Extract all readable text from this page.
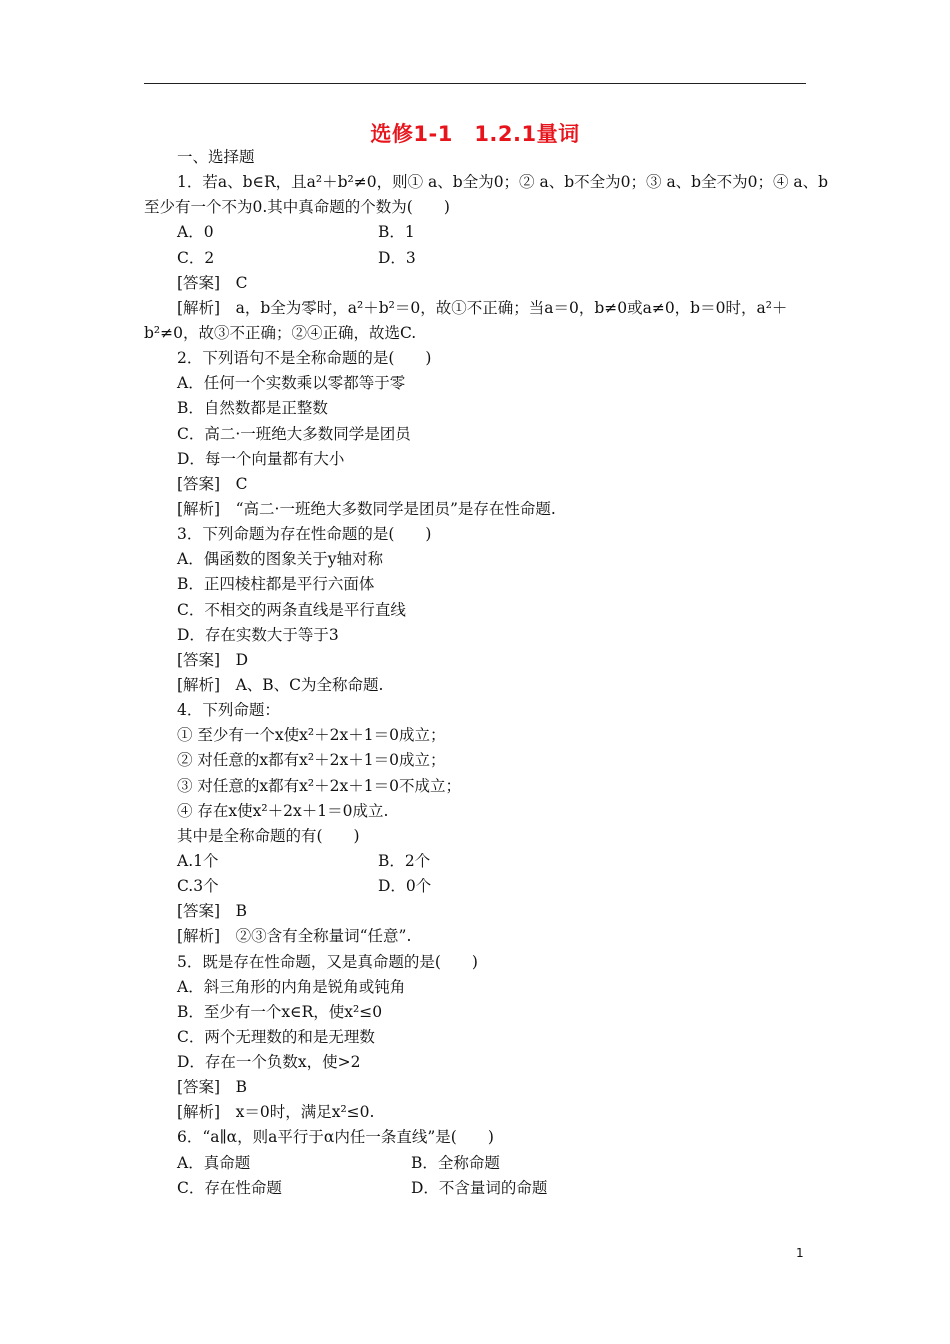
选修1-1　1.2.1量词
一、选择题
1．若a、b∈R，且a²＋b²≠0，则① a、b全为0；② a、b不全为0；③ a、b全不为0；④ a、b
至少有一个不为0.其中真命题的个数为(　　)
A．0	B．1
C．2	D．3
[答案]　C
[解析]　a，b全为零时，a²＋b²＝0，故①不正确；当a＝0，b≠0或a≠0，b＝0时，a²＋
b²≠0，故③不正确；②④正确，故选C.
2．下列语句不是全称命题的是(　　)
A．任何一个实数乘以零都等于零
B．自然数都是正整数
C．高二·一班绝大多数同学是团员
D．每一个向量都有大小
[答案]　C
[解析]　“高二·一班绝大多数同学是团员”是存在性命题.
3．下列命题为存在性命题的是(　　)
A．偶函数的图象关于y轴对称
B．正四棱柱都是平行六面体
C．不相交的两条直线是平行直线
D．存在实数大于等于3
[答案]　D
[解析]　A、B、C为全称命题.
4．下列命题：
① 至少有一个x使x²＋2x＋1＝0成立；
② 对任意的x都有x²＋2x＋1＝0成立；
③ 对任意的x都有x²＋2x＋1＝0不成立；
④ 存在x使x²＋2x＋1＝0成立.
其中是全称命题的有(　　)
A.1个	B．2个
C.3个	D．0个
[答案]　B
[解析]　②③含有全称量词“任意”.
5．既是存在性命题，又是真命题的是(　　)
A．斜三角形的内角是锐角或钝角
B．至少有一个x∈R，使x²≤0
C．两个无理数的和是无理数
D．存在一个负数x，使>2
[答案]　B
[解析]　x＝0时，满足x²≤0.
6．“a∥α，则a平行于α内任一条直线”是(　　)
A．真命题	B．全称命题
C．存在性命题	D．不含量词的命题
1
